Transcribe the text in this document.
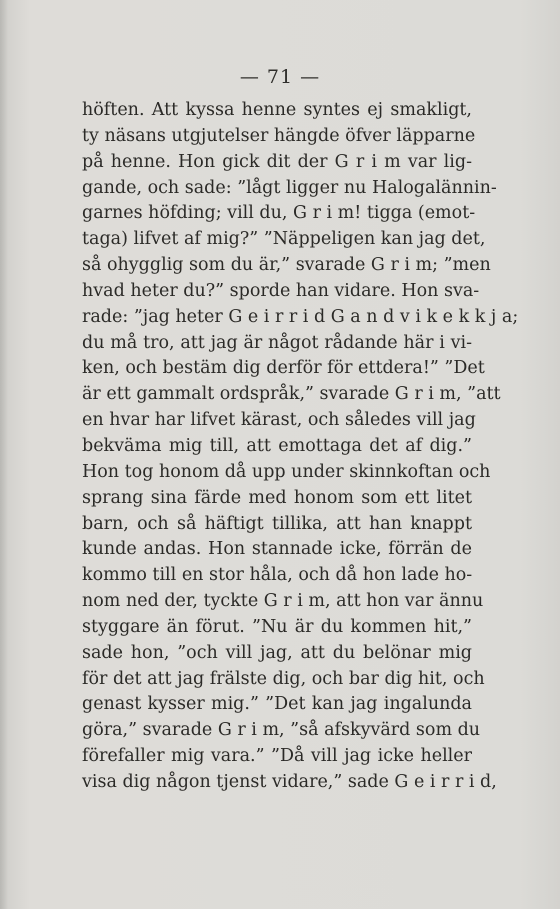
— 71 —
höften. Att kyssa henne syntes ej smakligt,
ty näsans utgjutelser hängde öfver läpparne
på henne. Hon gick dit der G r i m var lig-
gande, och sade: ”lågt ligger nu Halogalännin-
garnes höfding; vill du, G r i m! tigga (emot-
taga) lifvet af mig?” ”Näppeligen kan jag det,
så ohygglig som du är,” svarade G r i m; ”men
hvad heter du?” sporde han vidare. Hon sva-
rade: ”jag heter G e i r r i d G a n d v i k e k k j a;
du må tro, att jag är något rådande här i vi-
ken, och bestäm dig derför för ettdera!” ”Det
är ett gammalt ordspråk,” svarade G r i m, ”att
en hvar har lifvet kärast, och således vill jag
bekväma mig till, att emottaga det af dig.”
Hon tog honom då upp under skinnkoftan och
sprang sina färde med honom som ett litet
barn, och så häftigt tillika, att han knappt
kunde andas. Hon stannade icke, förrän de
kommo till en stor håla, och då hon lade ho-
nom ned der, tyckte G r i m, att hon var ännu
styggare än förut. ”Nu är du kommen hit,”
sade hon, ”och vill jag, att du belönar mig
för det att jag frälste dig, och bar dig hit, och
genast kysser mig.” ”Det kan jag ingalunda
göra,” svarade G r i m, ”så afskyvärd som du
förefaller mig vara.” ”Då vill jag icke heller
visa dig någon tjenst vidare,” sade G e i r r i d,
